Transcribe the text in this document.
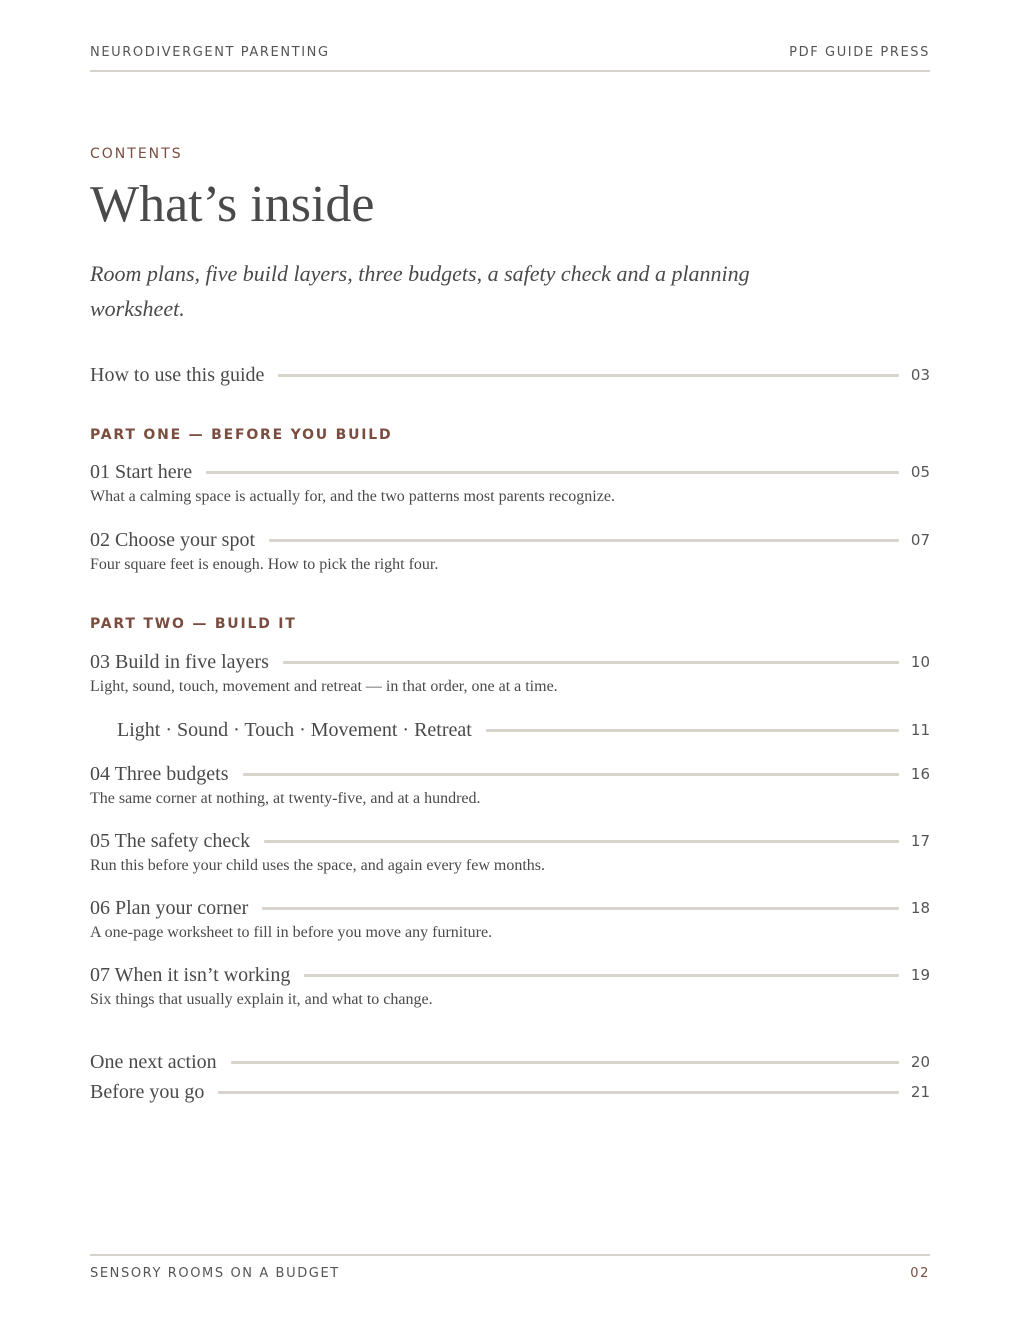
NEURODIVERGENT PARENTING	PDF GUIDE PRESS
CONTENTS
What’s inside
Room plans, five build layers, three budgets, a safety check and a planning worksheet.
How to use this guide	03
PART ONE — BEFORE YOU BUILD
01 Start here	05
What a calming space is actually for, and the two patterns most parents recognize.
02 Choose your spot	07
Four square feet is enough. How to pick the right four.
PART TWO — BUILD IT
03 Build in five layers	10
Light, sound, touch, movement and retreat — in that order, one at a time.
Light · Sound · Touch · Movement · Retreat	11
04 Three budgets	16
The same corner at nothing, at twenty-five, and at a hundred.
05 The safety check	17
Run this before your child uses the space, and again every few months.
06 Plan your corner	18
A one-page worksheet to fill in before you move any furniture.
07 When it isn’t working	19
Six things that usually explain it, and what to change.
One next action	20
Before you go	21
SENSORY ROOMS ON A BUDGET	02
